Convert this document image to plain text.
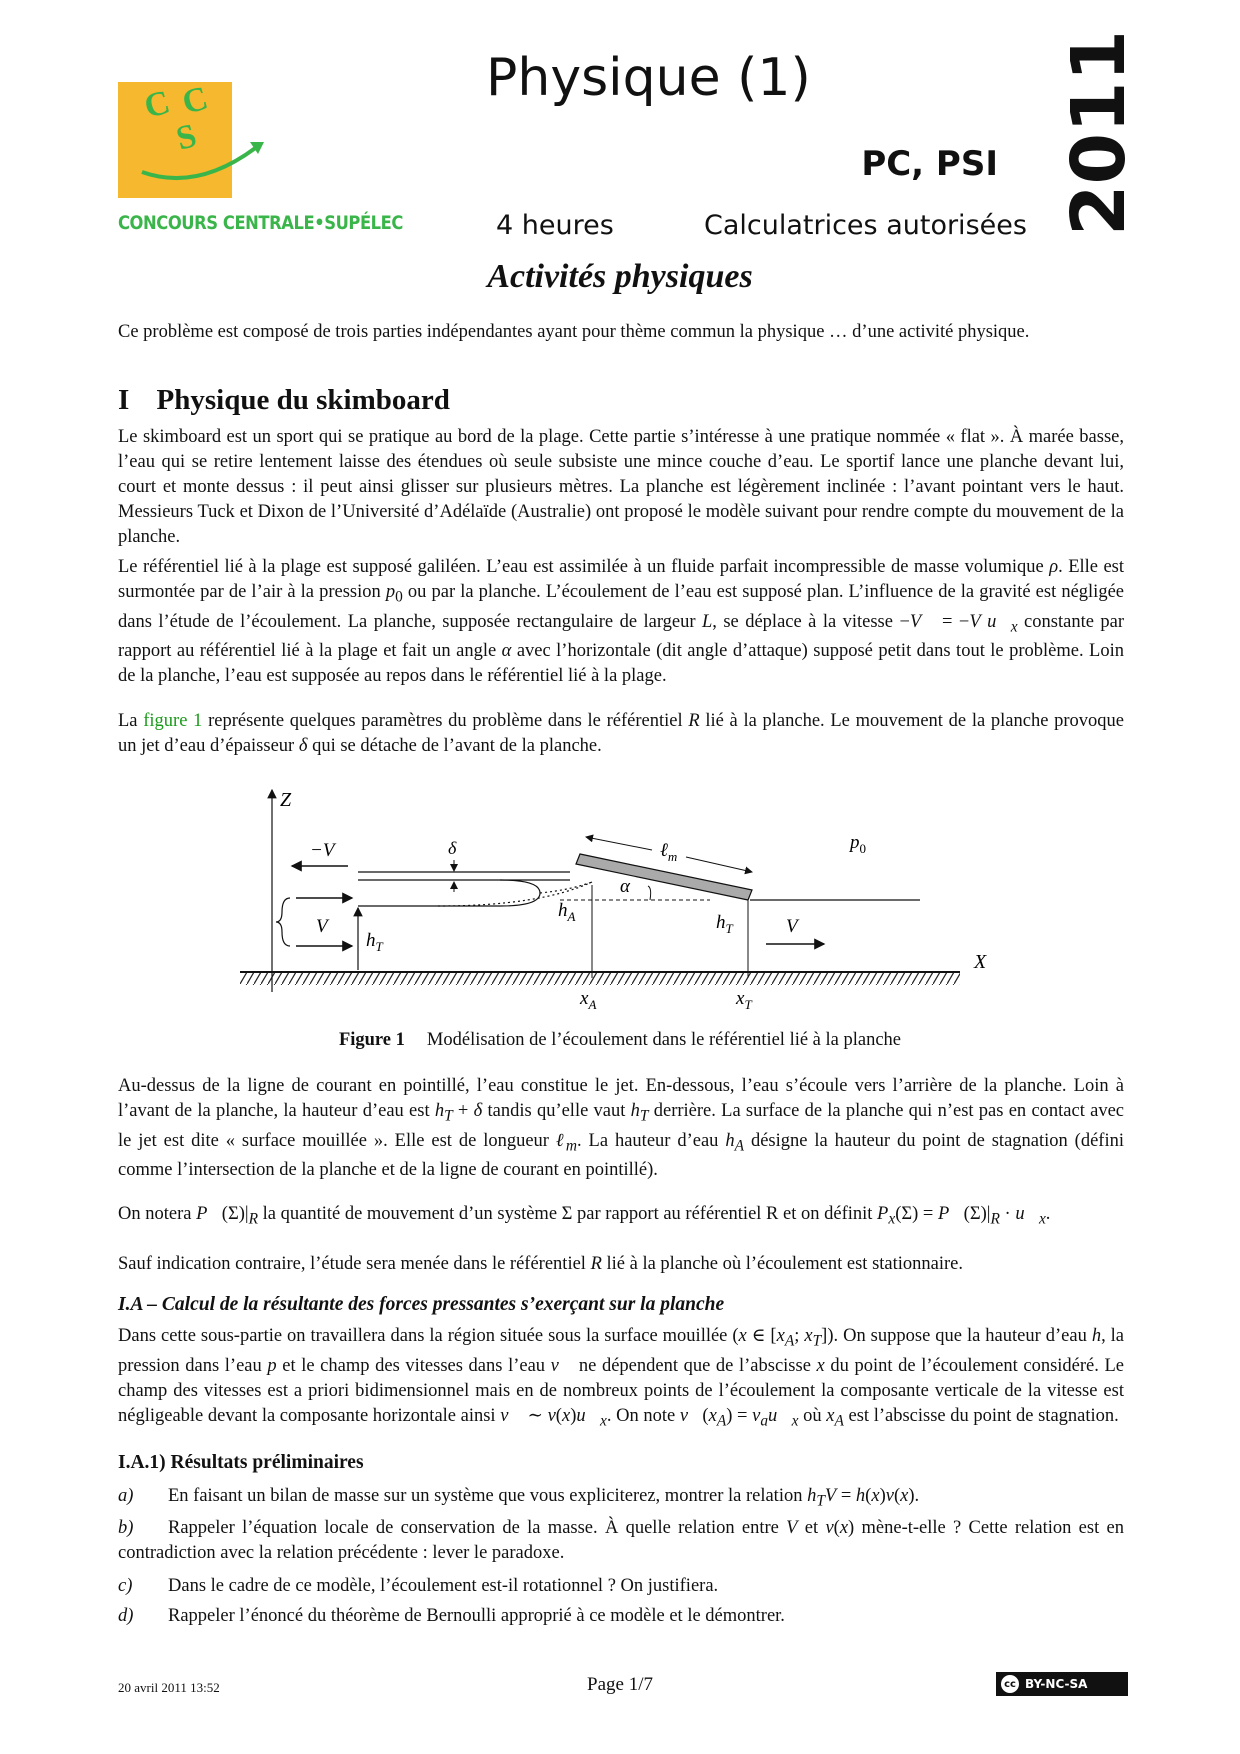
C C
S
CONCOURS CENTRALE•SUPÉLEC
Physique (1)
PC, PSI
4 heures	Calculatrices autorisées 2011
Activités physiques
Ce problème est composé de trois parties indépendantes ayant pour thème commun la physique … d’une activité physique.
I Physique du skimboard
Le skimboard est un sport qui se pratique au bord de la plage. Cette partie s’intéresse à une pratique nommée « flat ». À marée basse, l’eau qui se retire lentement laisse des étendues où seule subsiste une mince couche d’eau. Le sportif lance une planche devant lui, court et monte dessus : il peut ainsi glisser sur plusieurs mètres. La planche est légèrement inclinée : l’avant pointant vers le haut. Messieurs Tuck et Dixon de l’Université d’Adélaïde (Australie) ont proposé le modèle suivant pour rendre compte du mouvement de la planche.
Le référentiel lié à la plage est supposé galiléen. L’eau est assimilée à un fluide parfait incompressible de masse volumique ρ. Elle est surmontée par de l’air à la pression $p_0$ ou par la planche. L’écoulement de l’eau est supposé plan. L’influence de la gravité est négligée dans l’étude de l’écoulement. La planche, supposée rectangulaire de largeur L, se déplace à la vitesse −V⃗ = −V $u⃗_x$ constante par rapport au référentiel lié à la plage et fait un angle α avec l’horizontale (dit angle d’attaque) supposé petit dans tout le problème. Loin de la planche, l’eau est supposée au repos dans le référentiel lié à la plage.
La figure 1 représente quelques paramètres du problème dans le référentiel R lié à la planche. Le mouvement de la planche provoque un jet d’eau d’épaisseur δ qui se détache de l’avant de la planche.
Z
X
δ
−V
V
$h_T$
ℓ$_m$
$p_0$
α
$h_A$	$h_T$	V
$x_A$	$x_T$
Figure 1 Modélisation de l’écoulement dans le référentiel lié à la planche
Au-dessus de la ligne de courant en pointillé, l’eau constitue le jet. En-dessous, l’eau s’écoule vers l’arrière de la planche. Loin à l’avant de la planche, la hauteur d’eau est $h_T + \delta$ tandis qu’elle vaut $h_T$ derrière. La surface de la planche qui n’est pas en contact avec le jet est dite « surface mouillée ». Elle est de longueur ℓ$_m$. La hauteur d’eau $h_A$ désigne la hauteur du point de stagnation (défini comme l’intersection de la planche et de la ligne de courant en pointillé).
On notera $P⃗(\Sigma)|_R$ la quantité de mouvement d’un système Σ par rapport au référentiel R et on définit $P_x(\Sigma)$ = $P⃗(\Sigma)|_R$ · $u⃗_x$.
Sauf indication contraire, l’étude sera menée dans le référentiel R lié à la planche où l’écoulement est stationnaire.
I.A – Calcul de la résultante des forces pressantes s’exerçant sur la planche
Dans cette sous-partie on travaillera dans la région située sous la surface mouillée (x ∈ [$x_A$; $x_T$]). On suppose que la hauteur d’eau h, la pression dans l’eau p et le champ des vitesses dans l’eau v⃗ ne dépendent que de l’abscisse x du point de l’écoulement considéré. Le champ des vitesses est a priori bidimensionnel mais en de nombreux points de l’écoulement la composante verticale de la vitesse est négligeable devant la composante horizontale ainsi v⃗ ∼ $v(x)u⃗_x$. On note $v⃗(x_A)$ = $v_au⃗_x$ où $x_A$ est l’abscisse du point de stagnation.
I.A.1) Résultats préliminaires
a) En faisant un bilan de masse sur un système que vous expliciterez, montrer la relation $h_TV = h(x)v(x)$.
b) Rappeler l’équation locale de conservation de la masse. À quelle relation entre V et v(x) mène-t-elle ? Cette relation est en contradiction avec la relation précédente : lever le paradoxe.
c) Dans le cadre de ce modèle, l’écoulement est-il rotationnel ? On justifiera.
d) Rappeler l’énoncé du théorème de Bernoulli approprié à ce modèle et le démontrer.
20 avril 2011 13:52	Page 1/7	cc BY-NC-SA
